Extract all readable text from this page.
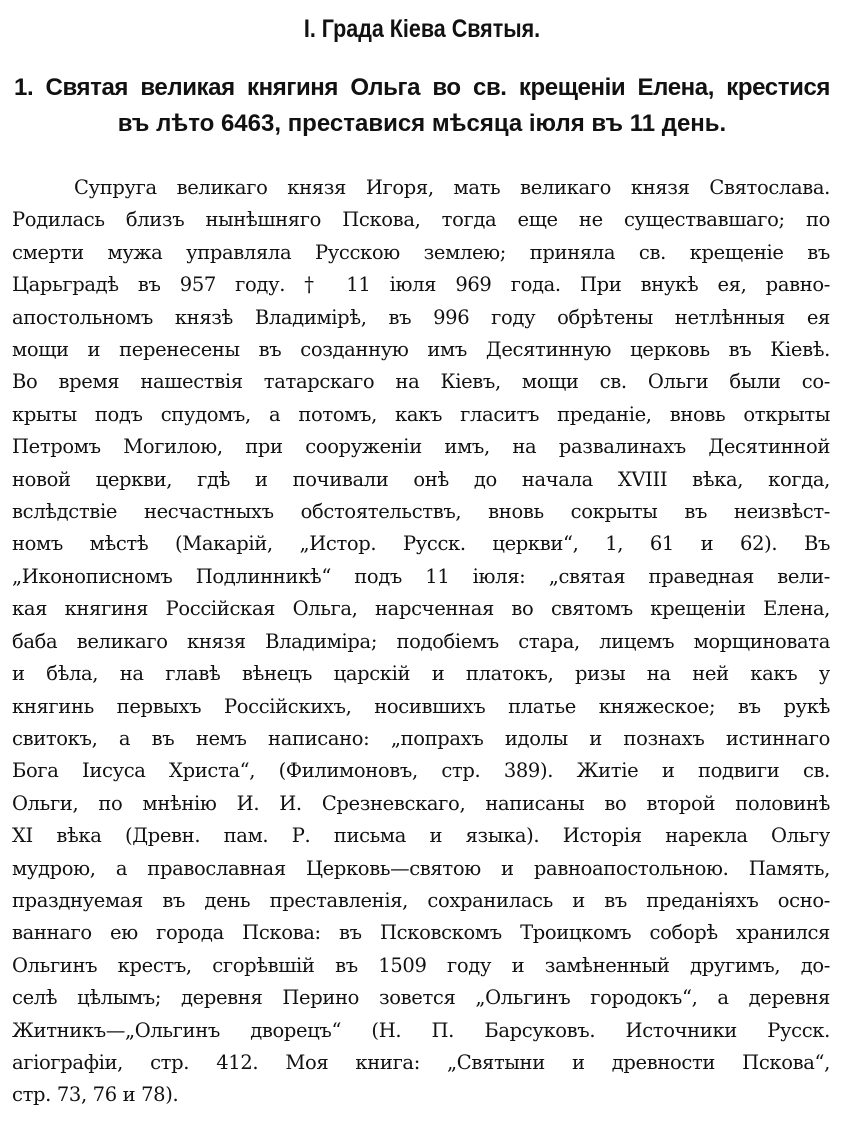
I. Града Кіева Святыя.
1. Святая великая княгиня Ольга во св. крещеніи Елена, крестися
въ лѣто 6463, преставися мѣсяца іюля въ 11 день.
Супруга великаго князя Игоря, мать великаго князя Святослава.
Родилась близъ нынѣшняго Пскова, тогда еще не существавшаго; по
смерти мужа управляла Русскою землею; приняла св. крещеніе въ
Царьградѣ въ 957 году. † 11 іюля 969 года. При внукѣ ея, равно-
апостольномъ князѣ Владимірѣ, въ 996 году обрѣтены нетлѣнныя ея
мощи и перенесены въ созданную имъ Десятинную церковь въ Кіевѣ.
Во время нашествія татарскаго на Кіевъ, мощи св. Ольги были со-
крыты подъ спудомъ, а потомъ, какъ гласитъ преданіе, вновь открыты
Петромъ Могилою, при сооруженіи имъ, на развалинахъ Десятинной
новой церкви, гдѣ и почивали онѣ до начала XVIII вѣка, когда,
вслѣдствіе несчастныхъ обстоятельствъ, вновь сокрыты въ неизвѣст-
номъ мѣстѣ (Макарій, „Истор. Русск. церкви“, 1, 61 и 62). Въ
„Иконописномъ Подлинникѣ“ подъ 11 іюля: „святая праведная вели-
кая княгиня Россійская Ольга, нарсченная во святомъ крещеніи Елена,
баба великаго князя Владиміра; подобіемъ стара, лицемъ морщиновата
и бѣла, на главѣ вѣнецъ царскій и платокъ, ризы на ней какъ у
княгинь первыхъ Россійскихъ, носившихъ платье княжеское; въ рукѣ
свитокъ, а въ немъ написано: „попрахъ идолы и познахъ истиннаго
Бога Іисуса Христа“, (Филимоновъ, стр. 389). Житіе и подвиги св.
Ольги, по мнѣнію И. И. Срезневскаго, написаны во второй половинѣ
XI вѣка (Древн. пам. Р. письма и языка). Исторія нарекла Ольгу
мудрою, а православная Церковь—святою и равноапостольною. Память,
празднуемая въ день преставленія, сохранилась и въ преданіяхъ осно-
ваннаго ею города Пскова: въ Псковскомъ Троицкомъ соборѣ хранился
Ольгинъ крестъ, сгорѣвшій въ 1509 году и замѣненный другимъ, до-
селѣ цѣлымъ; деревня Перино зовется „Ольгинъ городокъ“, а деревня
Житникъ—„Ольгинъ дворецъ“ (Н. П. Барсуковъ. Источники Русск.
агіографіи, стр. 412. Моя книга: „Святыни и древности Пскова“,
стр. 73, 76 и 78).
